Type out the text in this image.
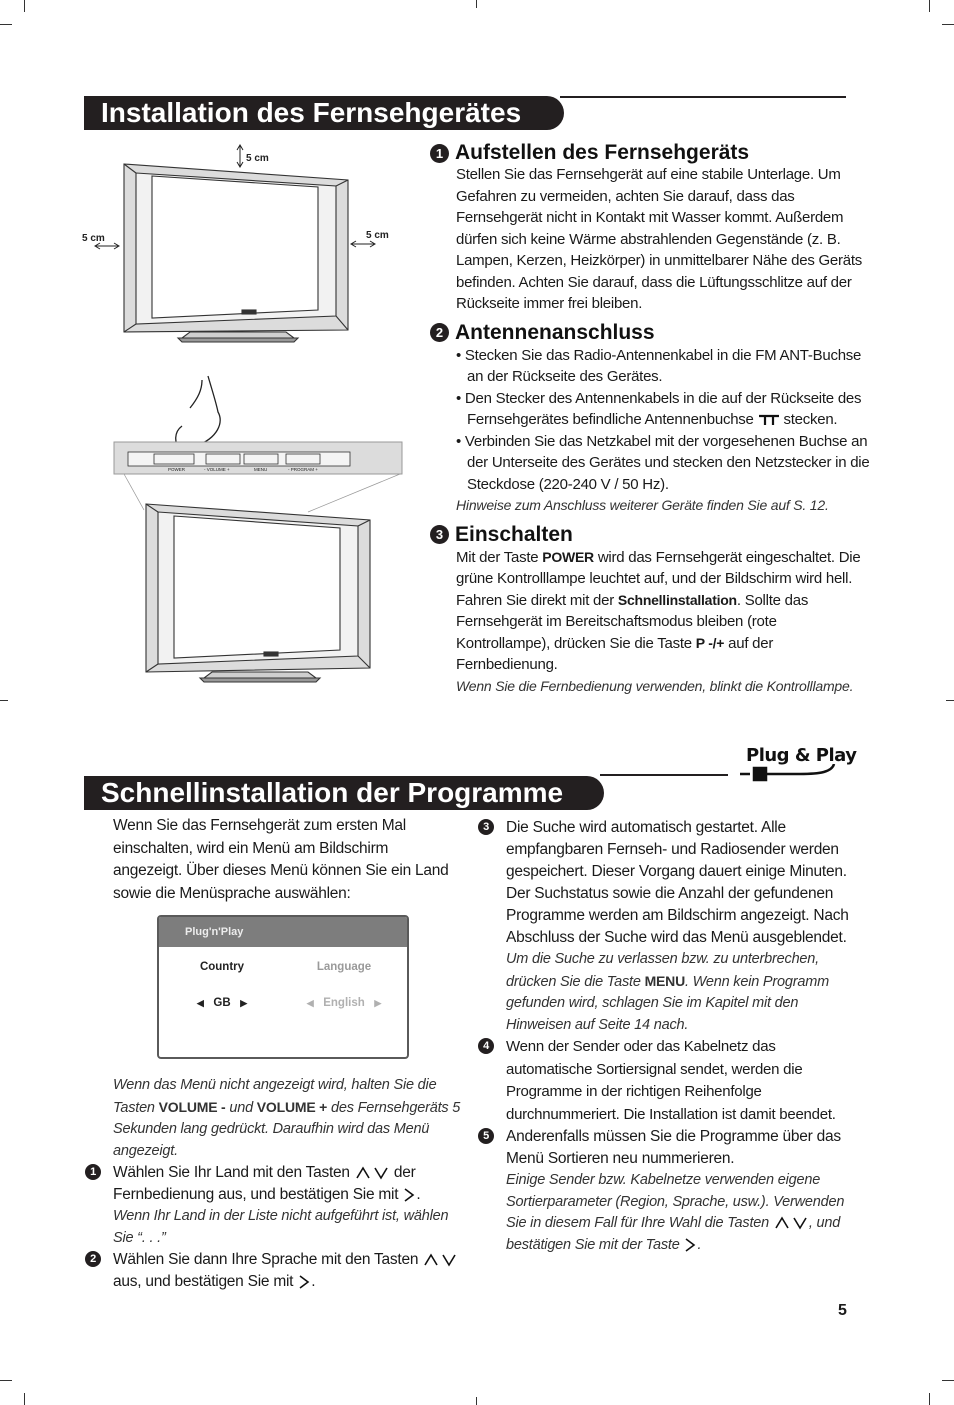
Installation des Fernsehgerätes
5 cm
5 cm	5 cm
POWER	- VOLUME +	MENU	- PROGRAM +
1 Aufstellen des Fernsehgeräts
Stellen Sie das Fernsehgerät auf eine stabile Unterlage. Um Gefahren zu vermeiden, achten Sie darauf, dass das Fernsehgerät nicht in Kontakt mit Wasser kommt. Außerdem dürfen sich keine Wärme abstrahlenden Gegenstände (z. B. Lampen, Kerzen, Heizkörper) in unmittelbarer Nähe des Geräts befinden. Achten Sie darauf, dass die Lüftungsschlitze auf der Rückseite immer frei bleiben.
2 Antennenanschluss
• Stecken Sie das Radio-Antennenkabel in die FM ANT-Buchse an der Rückseite des Gerätes.
• Den Stecker des Antennenkabels in die auf der Rückseite des Fernsehgerätes befindliche Antennenbuchse stecken.
• Verbinden Sie das Netzkabel mit der vorgesehenen Buchse an der Unterseite des Gerätes und stecken den Netzstecker in die Steckdose (220-240 V / 50 Hz).
Hinweise zum Anschluss weiterer Geräte finden Sie auf S. 12.
3 Einschalten
Mit der Taste POWER wird das Fernsehgerät eingeschaltet. Die grüne Kontrolllampe leuchtet auf, und der Bildschirm wird hell. Fahren Sie direkt mit der Schnellinstallation. Sollte das Fernsehgerät im Bereitschaftsmodus bleiben (rote Kontrollampe), drücken Sie die Taste P -/+ auf der Fernbedienung.
Wenn Sie die Fernbedienung verwenden, blinkt die Kontrolllampe.
Plug & Play
Schnellinstallation der Programme
Wenn Sie das Fernsehgerät zum ersten Mal einschalten, wird ein Menü am Bildschirm angezeigt. Über dieses Menü können Sie ein Land sowie die Menüsprache auswählen:
Plug'n'Play
Country	Language
◀ GB ▶	◀ English ▶
Wenn das Menü nicht angezeigt wird, halten Sie die Tasten VOLUME - und VOLUME + des Fernsehgeräts 5 Sekunden lang gedrückt. Daraufhin wird das Menü angezeigt.
1	Wählen Sie Ihr Land mit den Tasten	der Fernbedienung aus, und bestätigen Sie mit .
Wenn Ihr Land in der Liste nicht aufgeführt ist, wählen Sie “. . .”
2	Wählen Sie dann Ihre Sprache mit den Tasten  aus, und bestätigen Sie mit .
3	Die Suche wird automatisch gestartet. Alle empfangbaren Fernseh- und Radiosender werden gespeichert. Dieser Vorgang dauert einige Minuten. Der Suchstatus sowie die Anzahl der gefundenen Programme werden am Bildschirm angezeigt. Nach Abschluss der Suche wird das Menü ausgeblendet.
Um die Suche zu verlassen bzw. zu unterbrechen, drücken Sie die Taste MENU. Wenn kein Programm gefunden wird, schlagen Sie im Kapitel mit den Hinweisen auf Seite 14 nach.
4	Wenn der Sender oder das Kabelnetz das automatische Sortiersignal sendet, werden die Programme in der richtigen Reihenfolge durchnummeriert. Die Installation ist damit beendet.
5	Anderenfalls müssen Sie die Programme über das Menü Sortieren neu nummerieren.
Einige Sender bzw. Kabelnetze verwenden eigene Sortierparameter (Region, Sprache, usw.). Verwenden Sie in diesem Fall für Ihre Wahl die Tasten	, und bestätigen Sie mit der Taste .
5
